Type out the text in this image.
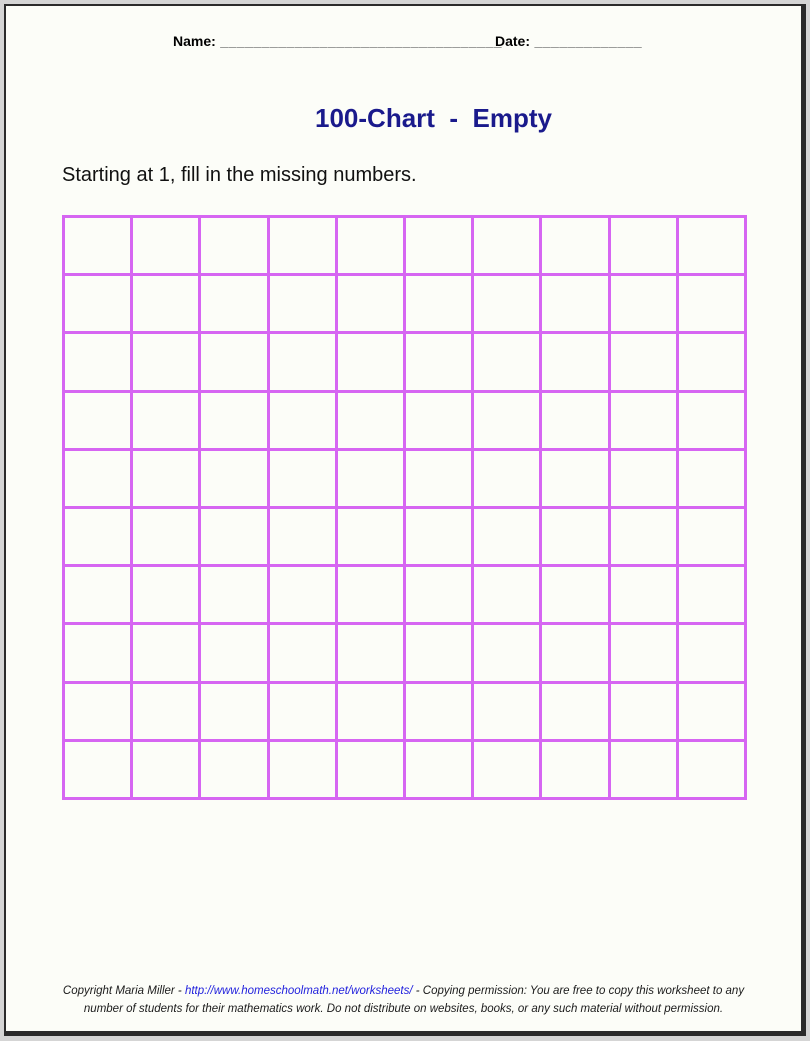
Name: __________________________________
Date: _____________
100-Chart  -  Empty
Starting at 1, fill in the missing numbers.
Copyright Maria Miller - http://www.homeschoolmath.net/worksheets/ - Copying permission: You are free to copy this worksheet to any
number of students for their mathematics work. Do not distribute on websites, books, or any such material without permission.
